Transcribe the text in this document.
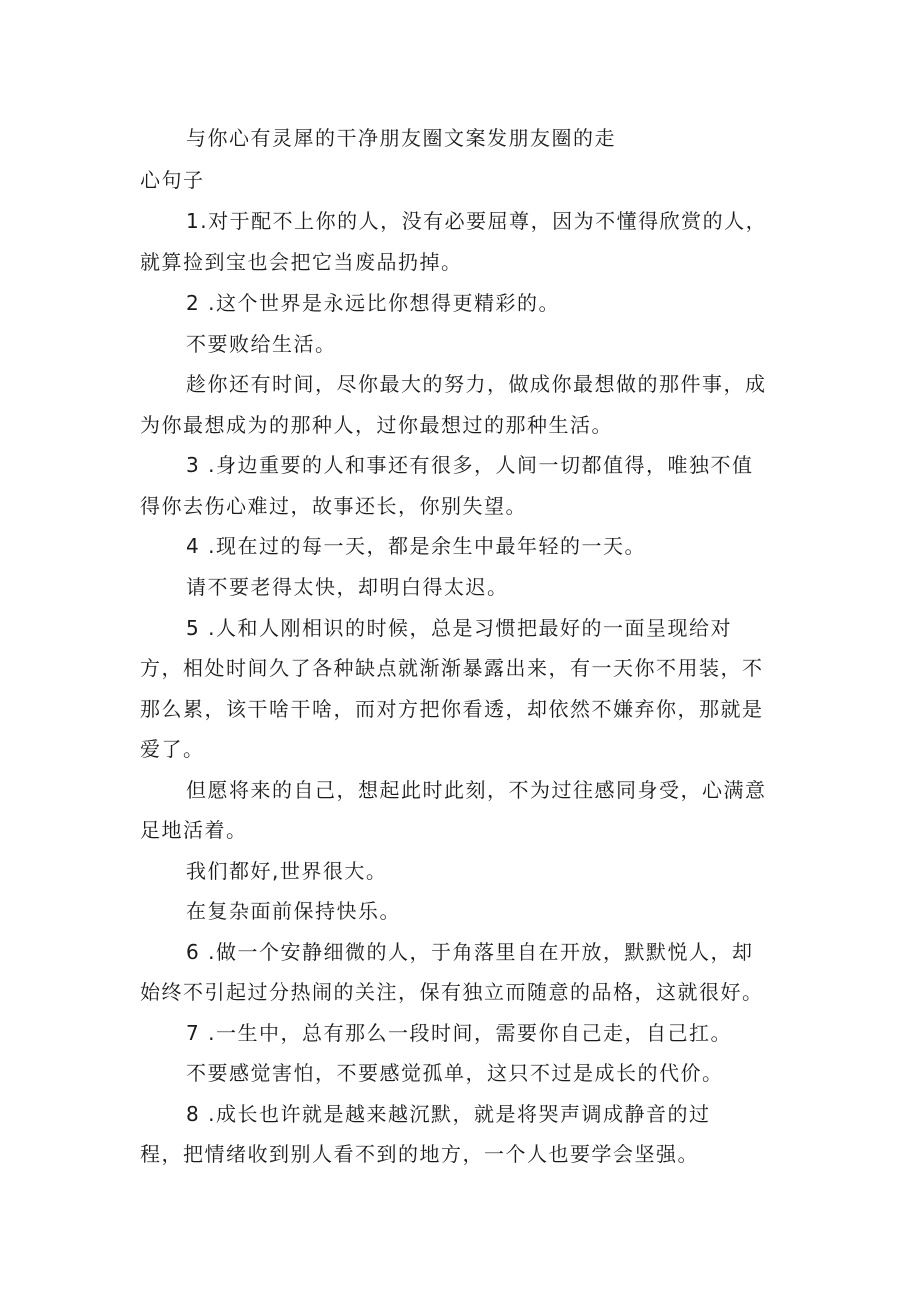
与你心有灵犀的干净朋友圈文案发朋友圈的走
心句子
1.对于配不上你的人，没有必要屈尊，因为不懂得欣赏的人，
就算捡到宝也会把它当废品扔掉。
2 .这个世界是永远比你想得更精彩的。
不要败给生活。
趁你还有时间，尽你最大的努力，做成你最想做的那件事，成
为你最想成为的那种人，过你最想过的那种生活。
3 .身边重要的人和事还有很多，人间一切都值得，唯独不值
得你去伤心难过，故事还长，你别失望。
4 .现在过的每一天，都是余生中最年轻的一天。
请不要老得太快，却明白得太迟。
5 .人和人刚相识的时候，总是习惯把最好的一面呈现给对
方，相处时间久了各种缺点就渐渐暴露出来，有一天你不用装，不
那么累，该干啥干啥，而对方把你看透，却依然不嫌弃你，那就是
爱了。
但愿将来的自己，想起此时此刻，不为过往感同身受，心满意
足地活着。
我们都好,世界很大。
在复杂面前保持快乐。
6 .做一个安静细微的人，于角落里自在开放，默默悦人，却
始终不引起过分热闹的关注，保有独立而随意的品格，这就很好。
7 .一生中，总有那么一段时间，需要你自己走，自己扛。
不要感觉害怕，不要感觉孤单，这只不过是成长的代价。
8 .成长也许就是越来越沉默，就是将哭声调成静音的过
程，把情绪收到别人看不到的地方，一个人也要学会坚强。
